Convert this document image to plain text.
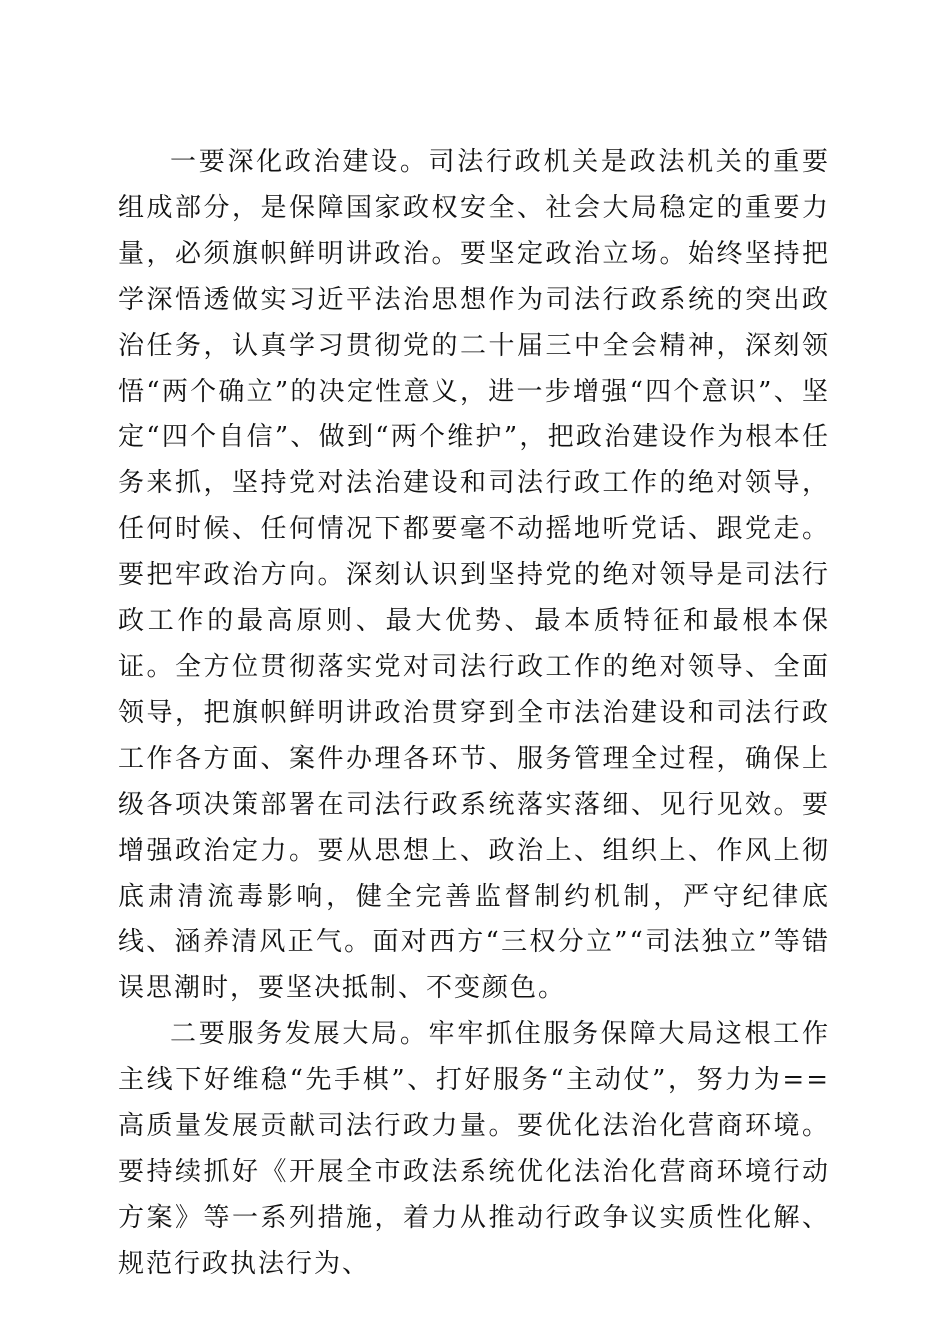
一要深化政治建设。司法行政机关是政法机关的重要组成部分，是保障国家政权安全、社会大局稳定的重要力量，必须旗帜鲜明讲政治。要坚定政治立场。始终坚持把学深悟透做实习近平法治思想作为司法行政系统的突出政治任务，认真学习贯彻党的二十届三中全会精神，深刻领悟“两个确立”的决定性意义，进一步增强“四个意识”、坚定“四个自信”、做到“两个维护”，把政治建设作为根本任务来抓，坚持党对法治建设和司法行政工作的绝对领导，任何时候、任何情况下都要毫不动摇地听党话、跟党走。要把牢政治方向。深刻认识到坚持党的绝对领导是司法行政工作的最高原则、最大优势、最本质特征和最根本保证。全方位贯彻落实党对司法行政工作的绝对领导、全面领导，把旗帜鲜明讲政治贯穿到全市法治建设和司法行政工作各方面、案件办理各环节、服务管理全过程，确保上级各项决策部署在司法行政系统落实落细、见行见效。要增强政治定力。要从思想上、政治上、组织上、作风上彻底肃清流毒影响，健全完善监督制约机制，严守纪律底线、涵养清风正气。面对西方“三权分立”“司法独立”等错误思潮时，要坚决抵制、不变颜色。

二要服务发展大局。牢牢抓住服务保障大局这根工作主线下好维稳“先手棋”、打好服务“主动仗”，努力为==高质量发展贡献司法行政力量。要优化法治化营商环境。要持续抓好《开展全市政法系统优化法治化营商环境行动方案》等一系列措施，着力从推动行政争议实质性化解、规范行政执法行为、
